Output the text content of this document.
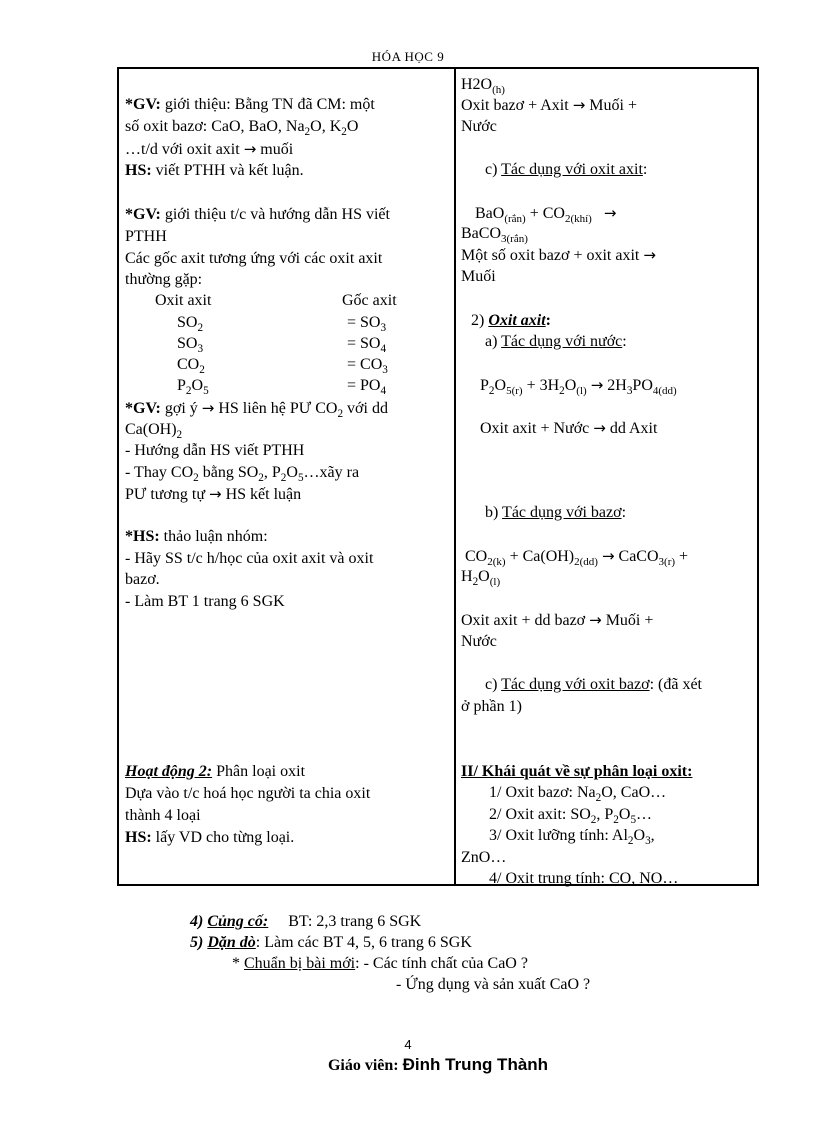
HÓA HỌC 9
*GV: giới thiệu: Bằng TN đã CM: một
số oxit bazơ: CaO, BaO, $Na_2O$, $K_2O$
…t/d với oxit axit → muối
HS: viết PTHH và kết luận.
*GV: giới thiệu t/c và hướng dẫn HS viết
PTHH
Các gốc axit tương ứng với các oxit axit
thường gặp:
Oxit axit	Gốc axit
$SO_2$	= $SO_3$
$SO_3$	= $SO_4$
$CO_2$	= $CO_3$
$P_2O_5$	= $PO_4$
*GV: gợi ý → HS liên hệ PƯ $CO_2$ với dd
$Ca(OH)_2$
- Hướng dẫn HS viết PTHH
- Thay $CO_2$ bằng $SO_2$, $P_2O_5\dots xãy$ ra
PƯ tương tự → HS kết luận
*HS: thảo luận nhóm:
- Hãy SS t/c h/học của oxit axit và oxit
bazơ.
- Làm BT 1 trang 6 SGK
Hoạt động 2: Phân loại oxit
Dựa vào t/c hoá học người ta chia oxit
thành 4 loại
HS: lấy VD cho từng loại.
$H2O_{(h)}$
Oxit bazơ + Axit → Muối +
Nước
c) Tác dụng với oxit axit:
$BaO_{(rắn)} + CO_{2(khí)}$ →
BaCO$_{3(rắn)}$
Một số oxit bazơ + oxit axit →
Muối
2) Oxit axit:
a) Tác dụng với nước:
$P_2O_{5(r)} + 3H_2O_{(l)} \to 2H_3PO_{4(dd)}$
Oxit axit + Nước → dd Axit
b) Tác dụng với bazơ:
$CO_{2(k)} + Ca(OH)_{2(dd)}$ → CaCO$_{3(r)}$ +
$H_2O_{(l)}$
Oxit axit + dd bazơ → Muối +
Nước
c) Tác dụng với oxit bazơ: (đã xét
ở phần 1)
II/ Khái quát về sự phân loại oxit:
1/ Oxit bazơ: $Na_2O$, CaO…
2/ Oxit axit: $SO_2$, $P_2O_5\dots$
3/ Oxit lưỡng tính: $Al_2O_3$,
ZnO…
4/ Oxit trung tính: CO, NO…
4) Củng cố: BT: 2,3 trang 6 SGK
5) Dặn dò: Làm các BT 4, 5, 6 trang 6 SGK
* Chuẩn bị bài mới: - Các tính chất của CaO ?
- Ứng dụng và sản xuất CaO ?
4
Giáo viên: Đinh Trung Thành
